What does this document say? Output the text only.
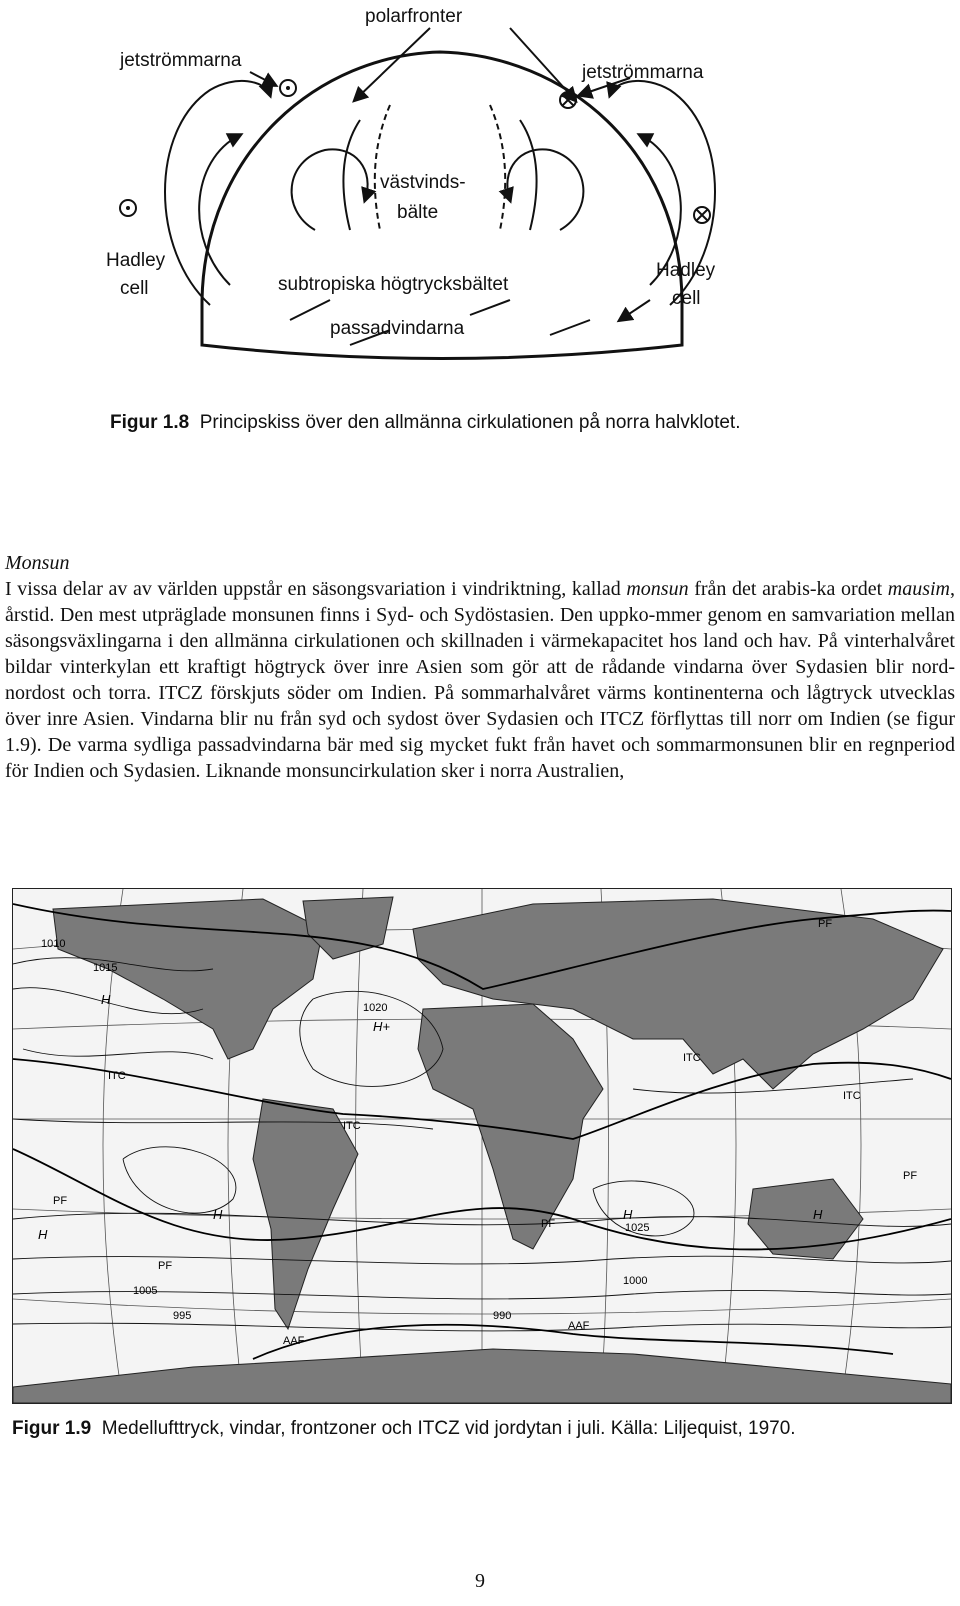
polarfronter
jetströmmarna
jetströmmarna
västvinds-
bälte
Hadley
cell
Hadley
cell
subtropiska högtrycksbältet
passadvindarna
Figur 1.8 Principskiss över den allmänna cirkulationen på norra halvklotet.

Monsun

I vissa delar av av världen uppstår en säsongsvariation i vindriktning, kallad monsun från det arabis-ka ordet mausim, årstid. Den mest utpräglade monsunen finns i Syd- och Sydöstasien. Den uppko-mmer genom en samvariation mellan säsongsväxlingarna i den allmänna cirkulationen och skillnaden i värmekapacitet hos land och hav. På vinterhalvåret bildar vinterkylan ett kraftigt högtryck över inre Asien som gör att de rådande vindarna över Sydasien blir nord-nordost och torra. ITCZ förskjuts söder om Indien. På sommarhalvåret värms kontinenterna och lågtryck utvecklas över inre Asien. Vindarna blir nu från syd och sydost över Sydasien och ITCZ förflyttas till norr om Indien (se figur 1.9). De varma sydliga passadvindarna bär med sig mycket fukt från havet och sommarmonsunen blir en regnperiod för Indien och Sydasien. Liknande monsuncirkulation sker i norra Australien,

ITC
ITC
ITC
ITC
PF
PF
PF
PF
PF
H
H+
H
H
H
1025
H
AAF
AAF
1010
1015
1020
1005
1000
995	990
Figur 1.9 Medellufttryck, vindar, frontzoner och ITCZ vid jordytan i juli. Källa: Liljequist, 1970.
9
